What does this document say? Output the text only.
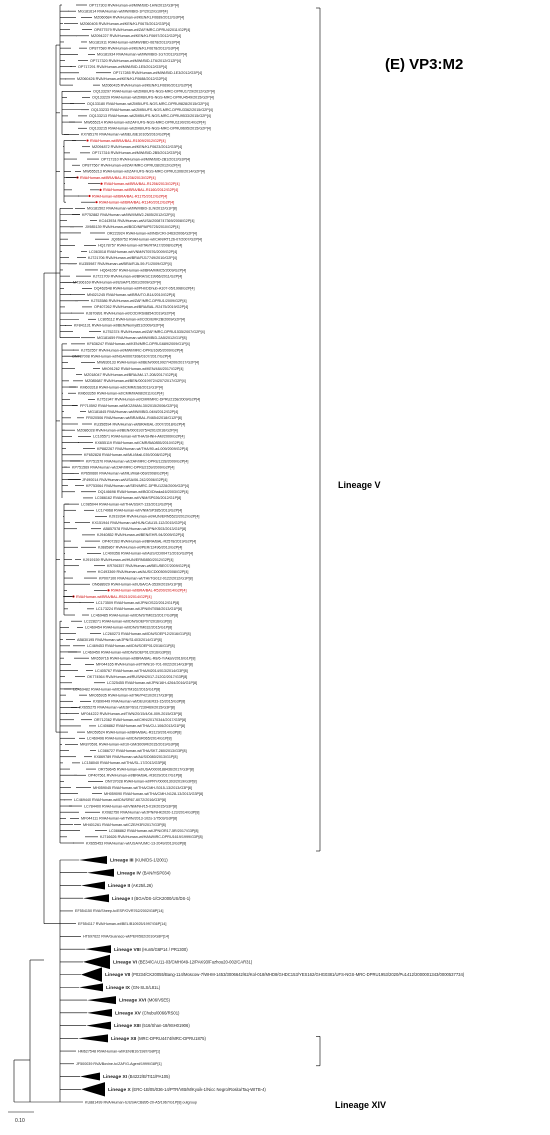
(E) VP3:M2
Lineage V
Lineage XIV
OP717303 RVA/Human-wt/MWI/BID-1HN/2012/G3P[4]
MG181614 RVA/Human-wt/MWI/BID-1P/2012/G10P[4]
MZ060684 RVA/Human-wt/KEN/KLF0689/2012/G3P[4]
MZ060405 RVA/Human-wt/KEN/KLF0675/2012/G3P[4]
OP877579 RVA/Human-wt/ZAF/MRC-DPRU4/2011/G2P[4]
MZ094227 RVA/Human-wt/KEN/KLF0697/2012/G2P[4]
MG181911 RVA/Human-wt/MWI/BID-0678/2012/G3P[4]
OP877580 RVA/Human-wt/KEN/KLF0678/2012/G3P[4]
MG181934 RVA/Human-wt/MWI/BID-1G7/2012/G2P[4]
OP717320 RVA/Human-wt/MWI/BID-1T6/2012/G12P[4]
OP717291 RVA/Human-wt/MWI/BID-1E5/2012/G3P[4]
OP717285 RVA/Human-wt/MWI/BID-1E3/2012/G3P[4]
MZ060426 RVA/Human-wt/KEN/KLF0688/2012/G2P[4]
MZ060435 RVA/Human-wt/KEN/KLF0690/2012/G2P[4]
OQ133297 RVA/Human-wt/ZMB/UFS-NGS-MRC-DPRU1729/2012/G2P[4]
OQ133229 RVA/Human-wt/ZMB/UFS-NGS-MRC-DPRU4549/2015/G2P[4]
OQ133180 RVA/Human-wt/ZMB/UFS-NGS-MRC-DPRU9828/2015/G2P[4]
OQ133233 RVA/Human-wt/ZMB/UFS-NGS-MRC-DPRU3362/2015/G2P[4]
OQ133213 RVA/Human-wt/ZMB/UFS-NGS-MRC-DPRU9533/2015/G2P[4]
MW655214 RVA/Human-wt/ZAF/UFS-NGS-MRC-DPRU1190/2014/G2P[4]
OQ133215 RVA/Human-wt/ZMB/UFS-NGS-MRC-DPRU9695/2015/G2P[4]
KX785170 RVA/Human-wt/BEL/BE10105/2010/G2P[4]
RVA/Human-wt/BRA/BAL-R1509/2012/G2P[4]
MZ094872 RVA/Human-wt/KEN/KLF0623/2012/G3P[4]
OP717316 RVA/Human-wt/MWI/BID-2B5/2012/G3P[4]
OP717310 RVA/Human-wt/MWI/BID-2B1/2012/G3P[4]
OP877567 RVA/Human-wt/ZAF/MRC-DPRU38/2012/G2P[4]
MW655213 RVA/Human-wt/ZAF/UFS-NGS-MRC-DPRU1306/2014/G2P[4]
RVA/Human-wt/BRA/BAL-R1236/2013/G2P[4]
RVA/Human-wt/BRA/BAL-R1256/2013/G2P[4]
RVA/Human-wt/BRA/BAL-R1160/2012/G2P[4]
RVA/Human-wt/BRA/BAL-R1175/2012/G2P[4]
RVA/Human-wt/BRA/BAL-R1140/2012/G2P[4]
MG181502 RVA/Human-wt/MWI/BID-1LN/2012/G1P[8]
KP752882 RVA/Human-wt/MWI/MW2-2605/2012/G2P[4]
KC443934 RVA/Human-wt/USA/2008747369/2008/G2P[4]
JX985139 RVA/Human-wt/BGD/NIPAIP5725/2010/G2P[4]
OR223924 RVA/Human-wt/IND/CRI-3463/2006/G2P[4]
JQ069752 RVA/Human-wt/CAN/RT126-07/2007/G2P[4]
HQ178757 RVA/Human-wt/TAI/RTA17/2008/G2P[4]
LC063018 RVA/Human-wt/VNM/NT0576/2009/G2P[4]
KJ721706 RVA/Human-wt/BRA/RJ17749/2010/G2P[4]
KU355987 RVA/Human-wt/BRA/RJA-59-F1/2009/G2P[4]
HQ641057 RVA/Human-wt/BRA/MMC5/2009/G2P[4]
KJ721709 RVA/Human-wt/BRA/SC19966/2011/G2P[4]
MT306169 RVA/Human-wt/USA/P10501/2009/G2P[4]
DQ462648 RVA/Human-wt/PHI/DDhub-A107-05/1998/G2P[4]
MN021245 RVA/Human-wt/BRA/TO-B14/2010/G2P[4]
KJ753586 RVA/Human-wt/ZAF/MRC-DPRU1/2009/G2P[4]
OP407262 RVA/Human-wt/BRA/BAL-R2475/2019/G2P[4]
KJ870891 RVA/Human-wt/COD/RS/8854/2019/G2P[4]
LC805112 RVA/Human-wt/COD/ERK2B/2009/G2P[4]
KF841131 RVA/Human-wt/BEN/Nemy851/2009/G2P[4]
KJ752374 RVA/Human-wt/ZAF/MRC-DPRU1535/2007/G2P[4]
MG181659 RVA/Human-wt/MWI/BID-2A5/2012/G1P[8]
KF636247 RVA/Human-wt/KEN/MRC-DPRU1689/2009/G1P[4]
KJ752557 RVA/Human-wt/MWI/MRC-DPRU1695/2009/G2P[4]
ON737008 RVA/Human-wt/NGA/0007308/0107/2017/G2P[4]
MW830133 RVA/Human-wt/BEN/00019927/4200/2017/G2P[4]
MK091262 RVA/Human-wt/KEN/484/2017/G2P[4]
MZ018047 RVA/Human-wt/BRA/AM-17-208/2017/G2P[4]
MZ085687 RVA/Human-wt/BEN/00019972/4207/2017/G2P[4]
KM603318 RVA/Human-wt/CMR/ES8/2011/G1P[4]
KM603350 RVA/Human-wt/CMR/MA08/2011/G1P[4]
KJ751947 RVA/Human-wt/CMR/MRC-DPRU2158/2009/G2P[4]
FP710592 RVA/Human-wt/MOZ/MAN-30/2015/2006/G2P[4]
MG181845 RVA/Human-wt/MWI/BID-04M/2012/G2P[4]
FR020506 RVA/Human-wt/BRA/BAL-R4654/2018/G12P[8]
KU356594 RVA/Human-wt/BRA/BAL-2007/2018/G2P[4]
MZ086028 RVA/Human-wt/BEN/00019375/4201/2016/G2P[4]
LC105571 RVA/Human-wt/THA/SHNH-AM/2009/G2P[4]
KX655119 RVA/Human-wt/CMR/BA0855/2010/G2P[4]
KP882267 RVA/Human-wt/THA/90-a4-009/2009/G2P[4]
KF652828 RVA/Human-wt/MLI/Mali-039/2008/G2P[4]
KP751570 RVA/Human-wt/ZAF/MRC-DPRU1228/2009/G2P[4]
KP751569 RVA/Human-wt/ZAF/MRC-DPRU2159/2009/G2P[4]
KP650660 RVA/Human-wt/MLI/Mali-069/2008/G2P[4]
JF490014 RVA/Human-wt/USA/06-242/2006/G2P[4]
KP753064 RVA/Human-wt/SEN/MRC-DPRU1228/2009/G2P[4]
DQ146698 RVA/Human-wt/BGD/Dhaka16/2003/G2P[4]
LC086162 RVA/Human-wt/VNM/SP026/2012/G1P[8]
LC085044 RVA/Human-wt/THA/SSKT-133/2013/G2P[4]
LC174968 RVA/Human-wt/VNM/SP385/2013/G2P[4]
KJ919394 RVA/Human-wt/HUN/ERN5523/2012/G2P[4]
KX151944 RVA/Human-wt/HUN/CAU15-112/2015/G2P[4]
AB857578 RVA/Human-wt/JPN/KS03/2013/G1P[8]
KJ940852 RVA/Human-wt/BEN/EHR-94/2009/G2P[4]
OP407283 RVA/Human-wt/BRA/BAL-R2578/2019/G2P[4]
KJ885867 RVA/Human-wt/PER/12496/2013/G2P[4]
LC400356 RVA/Human-wt/AUS/CD00471/2010/G2P[4]
KJ919159 RVA/Human-wt/HUN/ERN5850/2012/G2P[4]
KR706357 RVA/Human-wt/BEL/BE07/2009/G2P[4]
KC493369 RVA/Human-wt/AUS/CD00509/2008/G2P[4]
KP007100 RVA/Human-wt/THI/TG012-0122/2012/G1P[8]
ON688929 RVA/Human-wt/USA/CA-3539/2019/G1P[8]
RVA/Human-wt/BRA/BAL-R5200/2014/G2P[4]
RVA/Human-wt/BRA/BAL-R5210/2014/G2P[4]
LC173509 RVA/Human-wt/JPN/OS22/2012/G1P[8]
LC173224 RVA/Human-wt/JPN/INT058/2013/G1P[8]
LC469485 RVA/Human-wt/IDN/STM023/2017/G3P[8]
LC228271 RVA/Human-wt/IDN/SOEP07/2016/G1P[8]
LC469454 RVA/Human-wt/IDN/STM032/2015/G1P[8]
LC260273 RVA/Human-wt/IDN/SOEP12/2016/G1P[8]
AB830195 RVA/Human-wt/JPN/S1403/2014/G1P[8]
LC469453 RVA/Human-wt/IDN/SOEP01/2016/G1P[8]
LC469450 RVA/Human-wt/IDN/SOEP01/2016/G3P[8]
MK659716 RVA/Human-wt/BRA/BAL-R8/6-Y/Akah/2016/G1P[8]
MF044165 RVA/Human-wt/TWN/10-701-0022/2014/G3P[8]
LC405767 RVA/Human-wt/THA/M2014/013/2014/G3P[8]
OK774564 RVA/Human-wt/RUS/NN2017-21202/2017/G3P[8]
LC325455 RVA/Human-wt/JPN/16H-4264/2016/G1P[8]
LC469482 RVA/Human-wt/IDN/STM162/2016/G1P[8]
MK065935 RVA/Human-wt/TAI/P4210/2017/G3P[8]
KX890449 RVA/Human-wt/DEU/GER33-15/2015/G3P[8]
KX655275 RVA/Human-wt/ESP/SS17239469/2015/G3P[8]
MF044222 RVA/Human-wt/TWN/20/15/4/04-009-2015/G3P[8]
OR712362 RVA/Human-wt/CHN/20170344/2017/G3P[8]
LC406862 RVA/Human-wt/THA/CU-106/2013/G1P[8]
MK059524 RVA/Human-wt/BRA/BAL-R3129/2014/G3P[8]
LC469496 RVA/Human-wt/IDN/SR065/2014/G1P[8]
MK870591 RVA/Human-wt/10-GM/3009R/2015/2019/G3P[8]
LC086727 RVA/Human-wt/THA/SKT-280/2013/G3P[8]
KX869789 RVA/Human-wt/AUS/D080/2013/G1P[8]
LC158040 RVA/Human-wt/THA/SL-17/2013/G3P[8]
OR759645 RVA/Human-wt/USA/0009188436/2017/G3P[8]
OP407561 RVA/Human-wt/BRA/BAL-R3029/2017/G1P[8]
ON737028 RVA/Human-wt/PRY/00001303/2019/G3P[8]
MH059045 RVA/Human-wt/THA/CMH-S015-13/2013/G3P[8]
MH059090 RVA/Human-wt/THA/CMH-N128-13/2013/G3P[8]
LC469440 RVA/Human-wt/IDN/SR67-6072/2016/G3P[8]
LC784400 RVA/Human-wt/VNM/NH/15-019/2015/G3P[8]
KX082750 RVA/Human-wt/JPN/NHK2020-123/2014/G3P[8]
MF044111 RVA/Human-wt/TWN/2013-102s-1/7503/G3P[8]
MH401261 RVA/Human-wt/CZE/H3R/2017/G3P[8]
LC086862 RVA/Human-wt/JPN/OR17-5R/2017/G3P[8]
KJ716626 RVA/Human-wt/HAN/MRC-DPRU1619/1999/G3P[8]
KX655453 RVA/Human-wt/USA/VUMC-13-2049/2013/G3P[8]
Lineage III (KUN/DS-1/2001)
Lineage IV (BAN/HSP034)
Lineage II (AK25/L26)
Lineage I (BGA/DS-1/CK2000/US/DS-1)
EF554150 RVA/Sheep-tc/ESP/OVR762/2002/G8P[14]
EF554117 RVA/Human-wt/BEL/B10925/1997/G6P[14]
HT697622 RVA/Guanaco-wt/PER/562/2010/G8P[14]
Lineage VIII (Hun5/G6P14 / PR1300)
Lineage VI (BE34/CAU11-03/CMH049-12/PAK93/Fuzhou20-002/CAR31)
Lineage VII (P0234/CK20055/Bang-114/Moscow-7/WHM-1453/3006642/62/Kol-018/MHD8/GHDC153/YES162/GHG0381/UFS-NGS-MRC-DPRU1953/2020/Pu1412/2000001343/0000537734)
Lineage IX (GN-SLS/L81L)
Lineage XVI (M06/V5E5)
Lineage XV (Chubu/0066/RS01)
Lineage XIII (516/Shan-18/9SH01906)
Lineage XII (MRC-DPRU4474/MRC-DPRU1875)
HM627548 RVA/Human-wt/KEN/B10/1987/G8P[1]
JF500039 RVA/Bovine-tc/ZAF/G-Agent/1999/G8P[1]
Lineage XI (B4222/B/TI11/PA105)
Lineage X (ERC-1B/05/036-14/PTR/VIB/M/Kyoik-1/Nicc Negro/Rosita/Taq-WITB-4)
KU881499 RVA/Human-tc/USA/CB895-20-A5/1967/G1P[8] outgroup
0.10
